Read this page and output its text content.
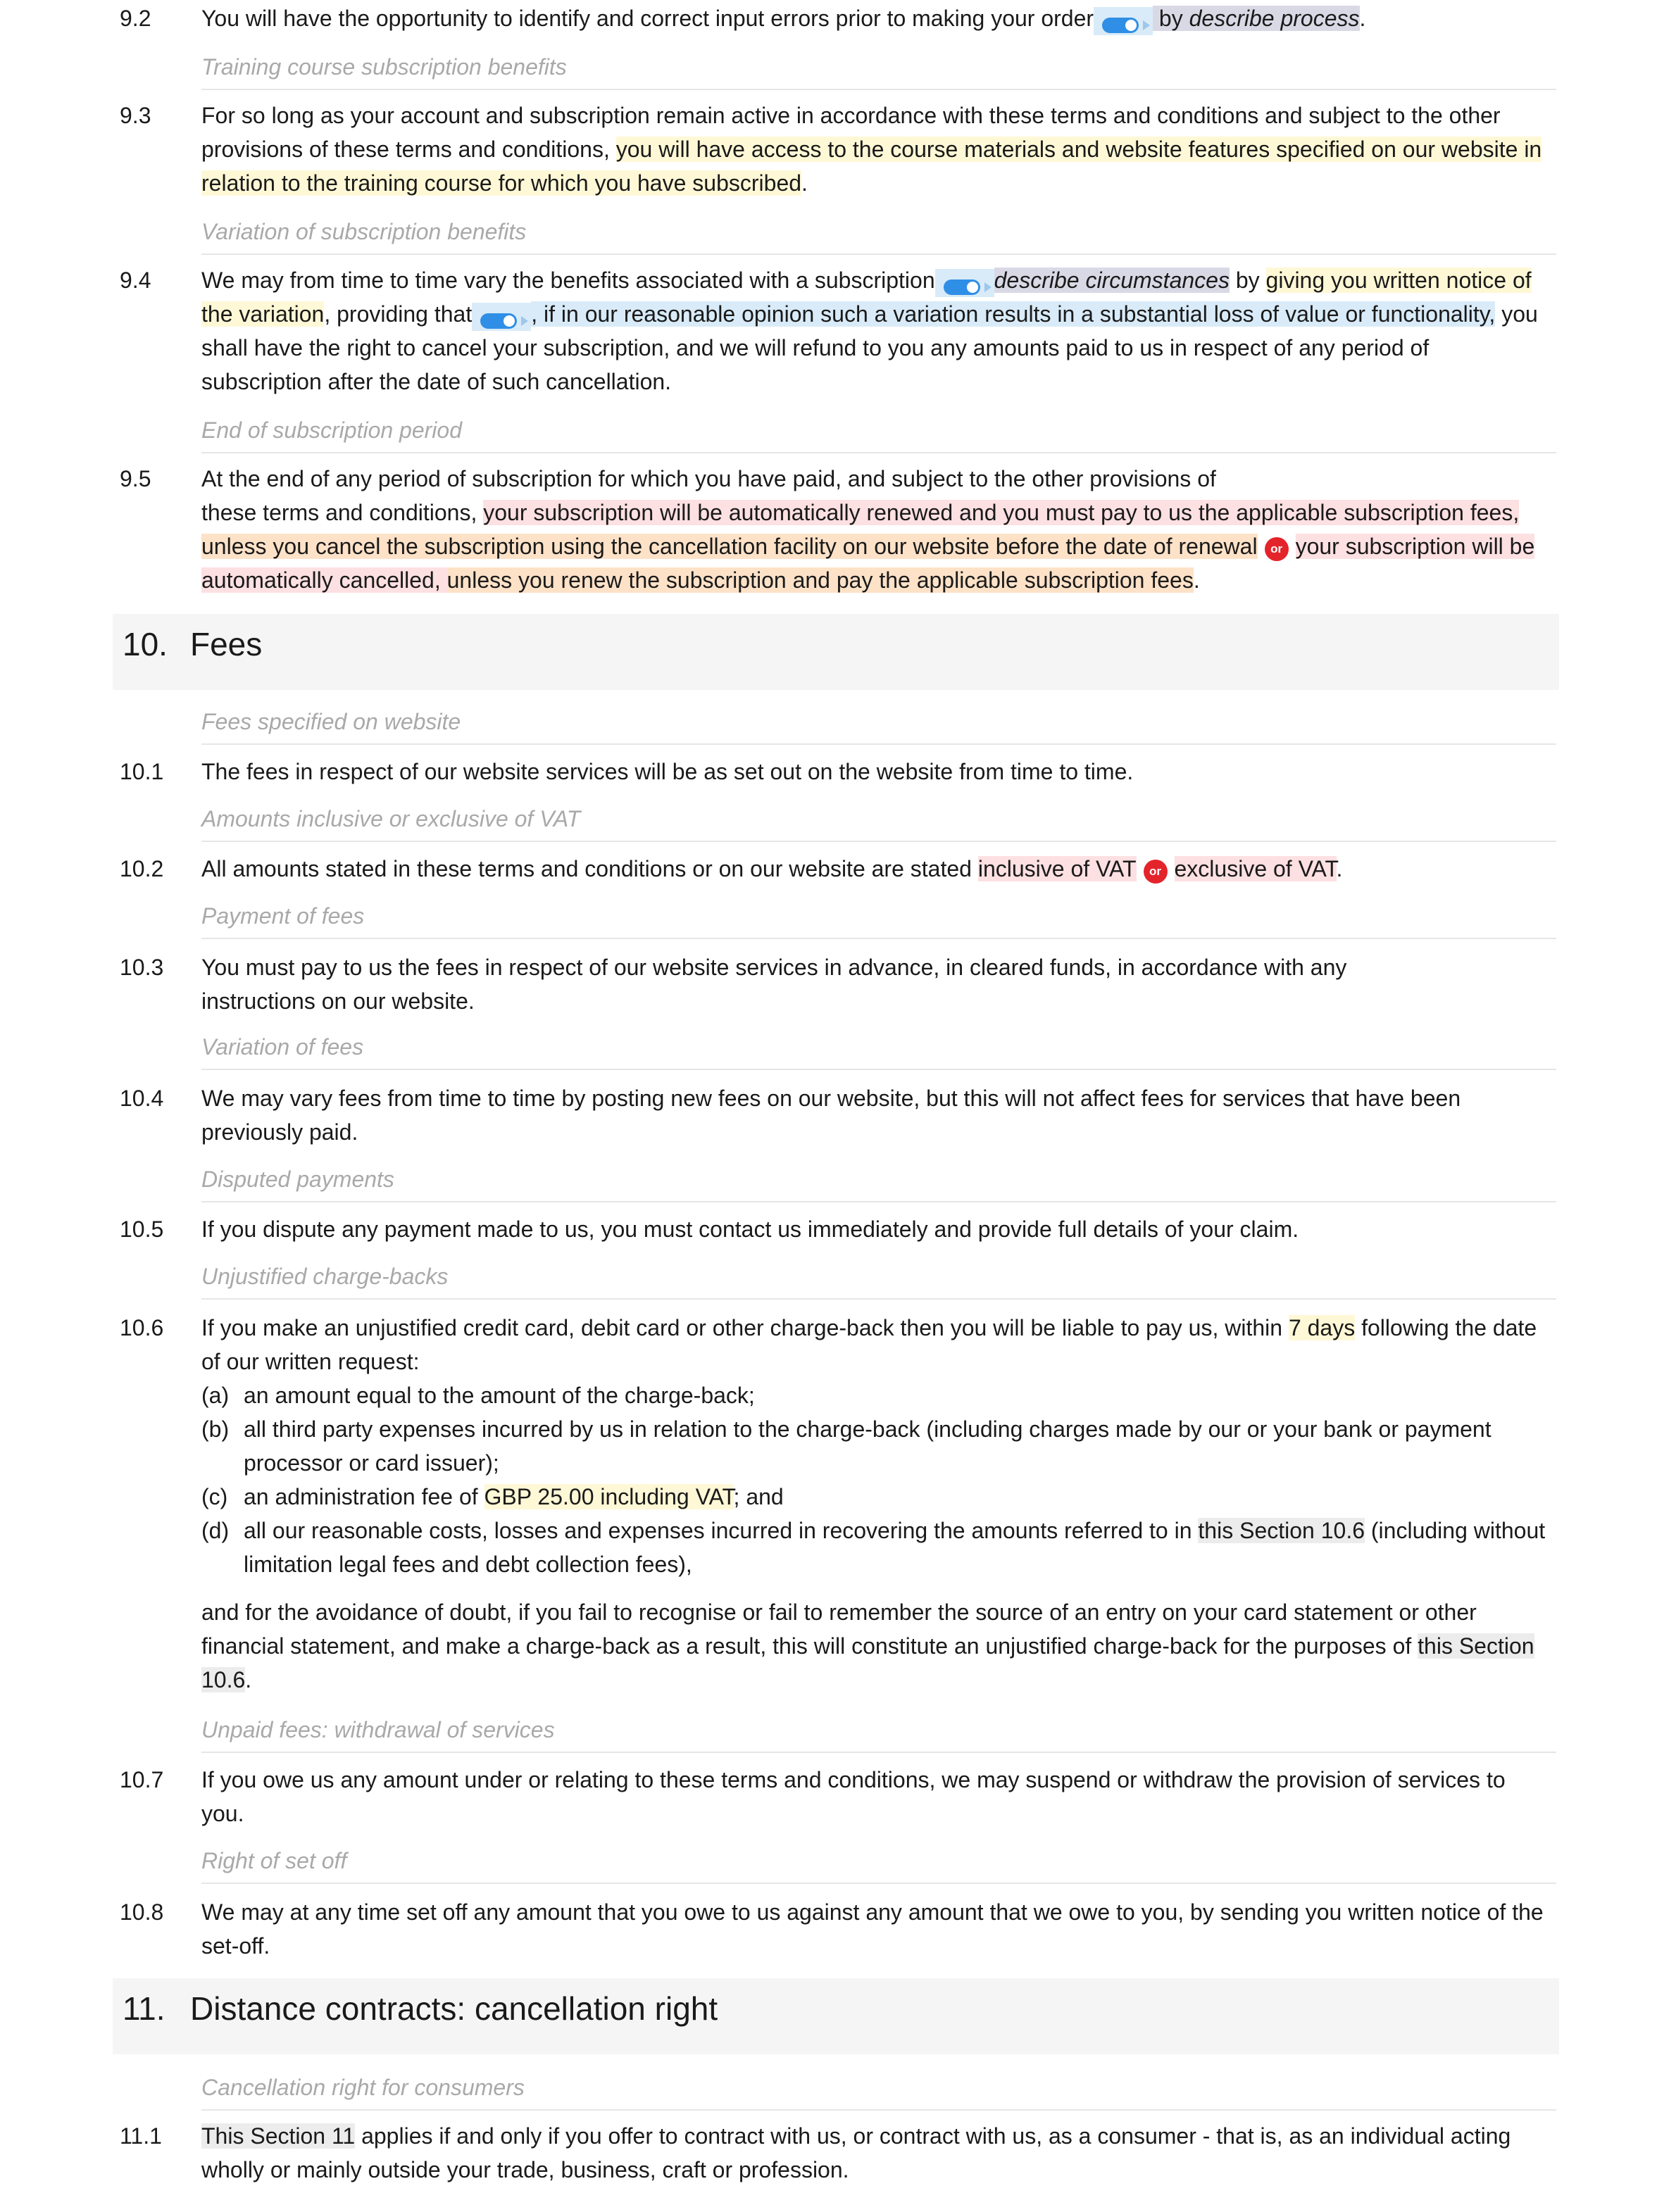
9.2 You will have the opportunity to identify and correct input errors prior to making your order	by describe process.
Training course subscription benefits
9.3 For so long as your account and subscription remain active in accordance with these terms and conditions and subject to the other provisions of these terms and conditions, you will have access to the course materials and website features specified on our website in relation to the training course for which you have subscribed.
Variation of subscription benefits
9.4 We may from time to time vary the benefits associated with a subscription	describe circumstances by giving you written notice of the variation, providing that	, if in our reasonable opinion such a variation results in a substantial loss of value or functionality, you shall have the right to cancel your subscription, and we will refund to you any amounts paid to us in respect of any period of subscription after the date of such cancellation.
End of subscription period
9.5 At the end of any period of subscription for which you have paid, and subject to the other provisions of
these terms and conditions, your subscription will be automatically renewed and you must pay to us the applicable subscription fees, unless you cancel the subscription using the cancellation facility on our website before the date of renewal or your subscription will be automatically cancelled, unless you renew the subscription and pay the applicable subscription fees.
10. Fees
Fees specified on website
10.1 The fees in respect of our website services will be as set out on the website from time to time.
Amounts inclusive or exclusive of VAT
10.2 All amounts stated in these terms and conditions or on our website are stated inclusive of VAT or exclusive of VAT.
Payment of fees
10.3 You must pay to us the fees in respect of our website services in advance, in cleared funds, in accordance with any instructions on our website.
Variation of fees
10.4 We may vary fees from time to time by posting new fees on our website, but this will not affect fees for services that have been previously paid.
Disputed payments
10.5 If you dispute any payment made to us, you must contact us immediately and provide full details of your claim.
Unjustified charge-backs
10.6 If you make an unjustified credit card, debit card or other charge-back then you will be liable to pay us, within 7 days following the date of our written request:
(a) an amount equal to the amount of the charge-back;
(b) all third party expenses incurred by us in relation to the charge-back (including charges made by our or your bank or payment processor or card issuer);
(c) an administration fee of GBP 25.00 including VAT; and
(d) all our reasonable costs, losses and expenses incurred in recovering the amounts referred to in this Section 10.6 (including without limitation legal fees and debt collection fees),
and for the avoidance of doubt, if you fail to recognise or fail to remember the source of an entry on your card statement or other financial statement, and make a charge-back as a result, this will constitute an unjustified charge-back for the purposes of this Section 10.6.
Unpaid fees: withdrawal of services
10.7 If you owe us any amount under or relating to these terms and conditions, we may suspend or withdraw the provision of services to you.
Right of set off
10.8 We may at any time set off any amount that you owe to us against any amount that we owe to you, by sending you written notice of the set-off.
11. Distance contracts: cancellation right
Cancellation right for consumers
11.1 This Section 11 applies if and only if you offer to contract with us, or contract with us, as a consumer - that is, as an individual acting wholly or mainly outside your trade, business, craft or profession.
